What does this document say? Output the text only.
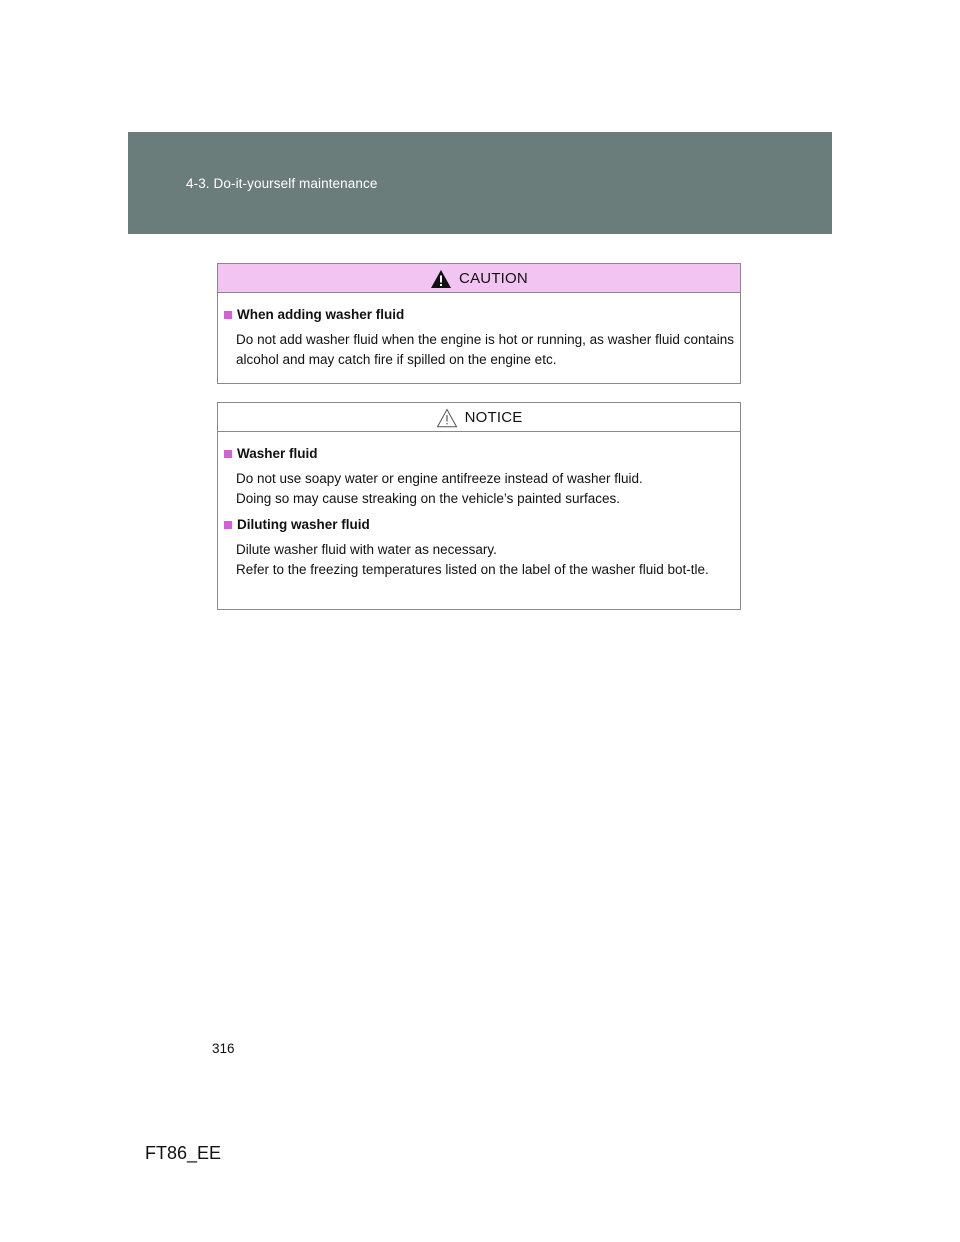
4-3. Do-it-yourself maintenance
CAUTION
When adding washer fluid
Do not add washer fluid when the engine is hot or running, as washer fluid contains alcohol and may catch fire if spilled on the engine etc.
NOTICE
Washer fluid
Do not use soapy water or engine antifreeze instead of washer fluid.
Doing so may cause streaking on the vehicle’s painted surfaces.
Diluting washer fluid
Dilute washer fluid with water as necessary.
Refer to the freezing temperatures listed on the label of the washer fluid bot-tle.
316
FT86_EE
